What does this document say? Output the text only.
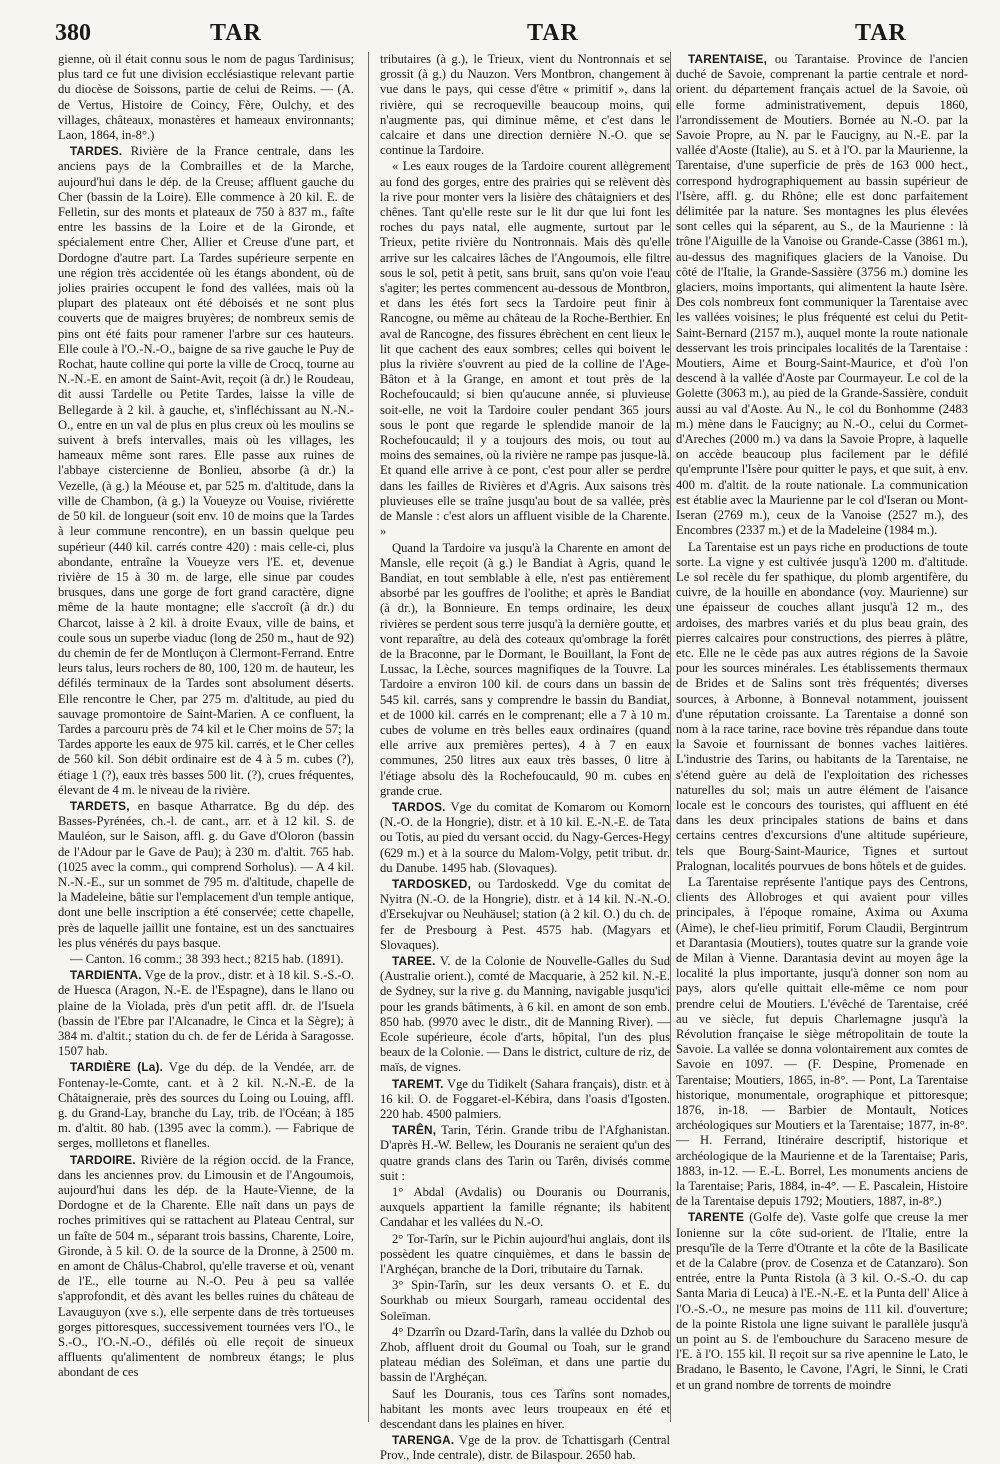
380	TAR	TAR	TAR

gienne, où il était connu sous le nom de pagus Tardinisus; plus tard ce fut une division ecclésiastique relevant partie du diocèse de Soissons, partie de celui de Reims. — (A. de Vertus, Histoire de Coincy, Fère, Oulchy, et des villages, châteaux, monastères et hameaux environnants; Laon, 1864, in-8°.)

TARDES. Rivière de la France centrale, dans les anciens pays de la Combrailles et de la Marche, aujourd'hui dans le dép. de la Creuse; affluent gauche du Cher (bassin de la Loire). Elle commence à 20 kil. E. de Felletin, sur des monts et plateaux de 750 à 837 m., faîte entre les bassins de la Loire et de la Gironde, et spécialement entre Cher, Allier et Creuse d'une part, et Dordogne d'autre part. La Tardes supérieure serpente en une région très accidentée où les étangs abondent, où de jolies prairies occupent le fond des vallées, mais où la plupart des plateaux ont été déboisés et ne sont plus couverts que de maigres bruyères; de nombreux semis de pins ont été faits pour ramener l'arbre sur ces hauteurs. Elle coule à l'O.-N.-O., baigne de sa rive gauche le Puy de Rochat, haute colline qui porte la ville de Crocq, tourne au N.-N.-E. en amont de Saint-Avit, reçoit (à dr.) le Roudeau, dit aussi Tardelle ou Petite Tardes, laisse la ville de Bellegarde à 2 kil. à gauche, et, s'infléchissant au N.-N.-O., entre en un val de plus en plus creux où les moulins se suivent à brefs intervalles, mais où les villages, les hameaux même sont rares. Elle passe aux ruines de l'abbaye cistercienne de Bonlieu, absorbe (à dr.) la Vezelle, (à g.) la Méouse et, par 525 m. d'altitude, dans la ville de Chambon, (à g.) la Voueyze ou Vouise, riviérette de 50 kil. de longueur (soit env. 10 de moins que la Tardes à leur commune rencontre), en un bassin quelque peu supérieur (440 kil. carrés contre 420) : mais celle-ci, plus abondante, entraîne la Voueyze vers l'E. et, devenue rivière de 15 à 30 m. de large, elle sinue par coudes brusques, dans une gorge de fort grand caractère, digne même de la haute montagne; elle s'accroît (à dr.) du Charcot, laisse à 2 kil. à droite Evaux, ville de bains, et coule sous un superbe viaduc (long de 250 m., haut de 92) du chemin de fer de Montluçon à Clermont-Ferrand. Entre leurs talus, leurs rochers de 80, 100, 120 m. de hauteur, les défilés terminaux de la Tardes sont absolument déserts. Elle rencontre le Cher, par 275 m. d'altitude, au pied du sauvage promontoire de Saint-Marien. A ce confluent, la Tardes a parcouru près de 74 kil et le Cher moins de 57; la Tardes apporte les eaux de 975 kil. carrés, et le Cher celles de 560 kil. Son débit ordinaire est de 4 à 5 m. cubes (?), étiage 1 (?), eaux très basses 500 lit. (?), crues fréquentes, élevant de 4 m. le niveau de la rivière.

TARDETS, en basque Atharratce. Bg du dép. des Basses-Pyrénées, ch.-l. de cant., arr. et à 12 kil. S. de Mauléon, sur le Saison, affl. g. du Gave d'Oloron (bassin de l'Adour par le Gave de Pau); à 230 m. d'altit. 765 hab. (1025 avec la comm., qui comprend Sorholus). — A 4 kil. N.-N.-E., sur un sommet de 795 m. d'altitude, chapelle de la Madeleine, bâtie sur l'emplacement d'un temple antique, dont une belle inscription a été conservée; cette chapelle, près de laquelle jaillit une fontaine, est un des sanctuaires les plus vénérés du pays basque.

— Canton. 16 comm.; 38 393 hect.; 8215 hab. (1891).

TARDIENTA. Vge de la prov., distr. et à 18 kil. S.-S.-O. de Huesca (Aragon, N.-E. de l'Espagne), dans le llano ou plaine de la Violada, près d'un petit affl. dr. de l'Isuela (bassin de l'Ebre par l'Alcanadre, le Cinca et la Sègre); à 384 m. d'altit.; station du ch. de fer de Lérida à Saragosse. 1507 hab.

TARDIÈRE (La). Vge du dép. de la Vendée, arr. de Fontenay-le-Comte, cant. et à 2 kil. N.-N.-E. de la Châtaigneraie, près des sources du Loing ou Louing, affl. g. du Grand-Lay, branche du Lay, trib. de l'Océan; à 185 m. d'altit. 80 hab. (1395 avec la comm.). — Fabrique de serges, mollletons et flanelles.

TARDOIRE. Rivière de la région occid. de la France, dans les anciennes prov. du Limousin et de l'Angoumois, aujourd'hui dans les dép. de la Haute-Vienne, de la Dordogne et de la Charente. Elle naît dans un pays de roches primitives qui se rattachent au Plateau Central, sur un faîte de 504 m., séparant trois bassins, Charente, Loire, Gironde, à 5 kil. O. de la source de la Dronne, à 2500 m. en amont de Châlus-Chabrol, qu'elle traverse et où, venant de l'E., elle tourne au N.-O. Peu à peu sa vallée s'approfondit, et dès avant les belles ruines du château de Lavauguyon (xve s.), elle serpente dans de très tortueuses gorges pittoresques, successivement tournées vers l'O., le S.-O., l'O.-N.-O., défilés où elle reçoit de sinueux affluents qu'alimentent de nombreux étangs; le plus abondant de ces

tributaires (à g.), le Trieux, vient du Nontronnais et se grossit (à g.) du Nauzon. Vers Montbron, changement à vue dans le pays, qui cesse d'être « primitif », dans la rivière, qui se recroqueville beaucoup moins, qui n'augmente pas, qui diminue même, et c'est dans le calcaire et dans une direction dernière N.-O. que se continue la Tardoire.

« Les eaux rouges de la Tardoire courent allègrement au fond des gorges, entre des prairies qui se relèvent dès la rive pour monter vers la lisière des châtaigniers et des chênes. Tant qu'elle reste sur le lit dur que lui font les roches du pays natal, elle augmente, surtout par le Trieux, petite rivière du Nontronnais. Mais dès qu'elle arrive sur les calcaires lâches de l'Angoumois, elle filtre sous le sol, petit à petit, sans bruit, sans qu'on voie l'eau s'agiter; les pertes commencent au-dessous de Montbron, et dans les étés fort secs la Tardoire peut finir à Rancogne, ou même au château de la Roche-Berthier. En aval de Rancogne, des fissures ébrèchent en cent lieux le lit que cachent des eaux sombres; celles qui boivent le plus la rivière s'ouvrent au pied de la colline de l'Age-Bâton et à la Grange, en amont et tout près de la Rochefoucauld; si bien qu'aucune année, si pluvieuse soit-elle, ne voit la Tardoire couler pendant 365 jours sous le pont que regarde le splendide manoir de la Rochefoucauld; il y a toujours des mois, ou tout au moins des semaines, où la rivière ne rampe pas jusque-là. Et quand elle arrive à ce pont, c'est pour aller se perdre dans les failles de Rivières et d'Agris. Aux saisons très pluvieuses elle se traîne jusqu'au bout de sa vallée, près de Mansle : c'est alors un affluent visible de la Charente. »

Quand la Tardoire va jusqu'à la Charente en amont de Mansle, elle reçoit (à g.) le Bandiat à Agris, quand le Bandiat, en tout semblable à elle, n'est pas entièrement absorbé par les gouffres de l'oolithe; et après le Bandiat (à dr.), la Bonnieure. En temps ordinaire, les deux rivières se perdent sous terre jusqu'à la dernière goutte, et vont reparaître, au delà des coteaux qu'ombrage la forêt de la Braconne, par le Dormant, le Bouillant, la Font de Lussac, la Lèche, sources magnifiques de la Touvre. La Tardoire a environ 100 kil. de cours dans un bassin de 545 kil. carrés, sans y comprendre le bassin du Bandiat, et de 1000 kil. carrés en le comprenant; elle a 7 à 10 m. cubes de volume en très belles eaux ordinaires (quand elle arrive aux premières pertes), 4 à 7 en eaux communes, 250 litres aux eaux très basses, 0 litre à l'étiage absolu dès la Rochefoucauld, 90 m. cubes en grande crue.

TARDOS. Vge du comitat de Komarom ou Komorn (N.-O. de la Hongrie), distr. et à 10 kil. E.-N.-E. de Tata ou Totis, au pied du versant occid. du Nagy-Gerces-Hegy (629 m.) et à la source du Malom-Volgy, petit tribut. dr. du Danube. 1495 hab. (Slovaques).

TARDOSKED, ou Tardoskedd. Vge du comitat de Nyitra (N.-O. de la Hongrie), distr. et à 14 kil. N.-N.-O. d'Ersekujvar ou Neuhäusel; station (à 2 kil. O.) du ch. de fer de Presbourg à Pest. 4575 hab. (Magyars et Slovaques).

TAREE. V. de la Colonie de Nouvelle-Galles du Sud (Australie orient.), comté de Macquarie, à 252 kil. N.-E. de Sydney, sur la rive g. du Manning, navigable jusqu'ici pour les grands bâtiments, à 6 kil. en amont de son emb. 850 hab. (9970 avec le distr., dit de Manning River). — Ecole supérieure, école d'arts, hôpital, l'un des plus beaux de la Colonie. — Dans le district, culture de riz, de maïs, de vignes.

TAREMT. Vge du Tidikelt (Sahara français), distr. et à 16 kil. O. de Foggaret-el-Kébira, dans l'oasis d'Igosten. 220 hab. 4500 palmiers.

TARÊN, Tarin, Térin. Grande tribu de l'Afghanistan. D'après H.-W. Bellew, les Douranis ne seraient qu'un des quatre grands clans des Tarin ou Tarên, divisés comme suit :

1° Abdal (Avdalis) ou Douranis ou Dourranis, auxquels appartient la famille régnante; ils habitent Candahar et les vallées du N.-O.

2° Tor-Tarîn, sur le Pichin aujourd'hui anglais, dont ils possèdent les quatre cinquièmes, et dans le bassin de l'Arghéçan, branche de la Dori, tributaire du Tarnak.

3° Spin-Tarîn, sur les deux versants O. et E. du Sourkhab ou mieux Sourgarh, rameau occidental des Soleïman.

4° Dzarrîn ou Dzard-Tarîn, dans la vallée du Dzhob ou Zhob, affluent droit du Goumal ou Toah, sur le grand plateau médian des Soleïman, et dans une partie du bassin de l'Arghéçan.

Sauf les Douranis, tous ces Tarîns sont nomades, habitant les monts avec leurs troupeaux en été et descendant dans les plaines en hiver.

TARENGA. Vge de la prov. de Tchattisgarh (Central Prov., Inde centrale), distr. de Bilaspour. 2650 hab.

TARENTAISE, ou Tarantaise. Province de l'ancien duché de Savoie, comprenant la partie centrale et nord-orient. du département français actuel de la Savoie, où elle forme administrativement, depuis 1860, l'arrondissement de Moutiers. Bornée au N.-O. par la Savoie Propre, au N. par le Faucigny, au N.-E. par la vallée d'Aoste (Italie), au S. et à l'O. par la Maurienne, la Tarentaise, d'une superficie de près de 163 000 hect., correspond hydrographiquement au bassin supérieur de l'Isère, affl. g. du Rhône; elle est donc parfaitement délimitée par la nature. Ses montagnes les plus élevées sont celles qui la séparent, au S., de la Maurienne : là trône l'Aiguille de la Vanoise ou Grande-Casse (3861 m.), au-dessus des magnifiques glaciers de la Vanoise. Du côté de l'Italie, la Grande-Sassière (3756 m.) domine les glaciers, moins importants, qui alimentent la haute Isère. Des cols nombreux font communiquer la Tarentaise avec les vallées voisines; le plus fréquenté est celui du Petit-Saint-Bernard (2157 m.), auquel monte la route nationale desservant les trois principales localités de la Tarentaise : Moutiers, Aime et Bourg-Saint-Maurice, et d'où l'on descend à la vallée d'Aoste par Courmayeur. Le col de la Golette (3063 m.), au pied de la Grande-Sassière, conduit aussi au val d'Aoste. Au N., le col du Bonhomme (2483 m.) mène dans le Faucigny; au N.-O., celui du Cormet-d'Areches (2000 m.) va dans la Savoie Propre, à laquelle on accède beaucoup plus facilement par le défilé qu'emprunte l'Isère pour quitter le pays, et que suit, à env. 400 m. d'altit. de la route nationale. La communication est établie avec la Maurienne par le col d'Iseran ou Mont-Iseran (2769 m.), ceux de la Vanoise (2527 m.), des Encombres (2337 m.) et de la Madeleine (1984 m.).

La Tarentaise est un pays riche en productions de toute sorte. La vigne y est cultivée jusqu'à 1200 m. d'altitude. Le sol recèle du fer spathique, du plomb argentifère, du cuivre, de la houille en abondance (voy. Maurienne) sur une épaisseur de couches allant jusqu'à 12 m., des ardoises, des marbres variés et du plus beau grain, des pierres calcaires pour constructions, des pierres à plâtre, etc. Elle ne le cède pas aux autres régions de la Savoie pour les sources minérales. Les établissements thermaux de Brides et de Salins sont très fréquentés; diverses sources, à Arbonne, à Bonneval notamment, jouissent d'une réputation croissante. La Tarentaise a donné son nom à la race tarine, race bovine très répandue dans toute la Savoie et fournissant de bonnes vaches laitières. L'industrie des Tarins, ou habitants de la Tarentaise, ne s'étend guère au delà de l'exploitation des richesses naturelles du sol; mais un autre élément de l'aisance locale est le concours des touristes, qui affluent en été dans les deux principales stations de bains et dans certains centres d'excursions d'une altitude supérieure, tels que Bourg-Saint-Maurice, Tignes et surtout Pralognan, localités pourvues de bons hôtels et de guides.

La Tarentaise représente l'antique pays des Centrons, clients des Allobroges et qui avaient pour villes principales, à l'époque romaine, Axima ou Axuma (Aime), le chef-lieu primitif, Forum Claudii, Bergintrum et Darantasia (Moutiers), toutes quatre sur la grande voie de Milan à Vienne. Darantasia devint au moyen âge la localité la plus importante, jusqu'à donner son nom au pays, alors qu'elle quittait elle-même ce nom pour prendre celui de Moutiers. L'évêché de Tarentaise, créé au ve siècle, fut depuis Charlemagne jusqu'à la Révolution française le siège métropolitain de toute la Savoie. La vallée se donna volontairement aux comtes de Savoie en 1097. — (F. Despine, Promenade en Tarentaise; Moutiers, 1865, in-8°. — Pont, La Tarentaise historique, monumentale, orographique et pittoresque; 1876, in-18. — Barbier de Montault, Notices archéologiques sur Moutiers et la Tarentaise; 1877, in-8°. — H. Ferrand, Itinéraire descriptif, historique et archéologique de la Maurienne et de la Tarentaise; Paris, 1883, in-12. — E.-L. Borrel, Les monuments anciens de la Tarentaise; Paris, 1884, in-4°. — E. Pascalein, Histoire de la Tarentaise depuis 1792; Moutiers, 1887, in-8°.)

TARENTE (Golfe de). Vaste golfe que creuse la mer Ionienne sur la côte sud-orient. de l'Italie, entre la presqu'île de la Terre d'Otrante et la côte de la Basilicate et de la Calabre (prov. de Cosenza et de Catanzaro). Son entrée, entre la Punta Ristola (à 3 kil. O.-S.-O. du cap Santa Maria di Leuca) à l'E.-N.-E. et la Punta dell' Alice à l'O.-S.-O., ne mesure pas moins de 111 kil. d'ouverture; de la pointe Ristola une ligne suivant le parallèle jusqu'à un point au S. de l'embouchure du Saraceno mesure de l'E. à l'O. 155 kil. Il reçoit sur sa rive apennine le Lato, le Bradano, le Basento, le Cavone, l'Agri, le Sinni, le Crati et un grand nombre de torrents de moindre
